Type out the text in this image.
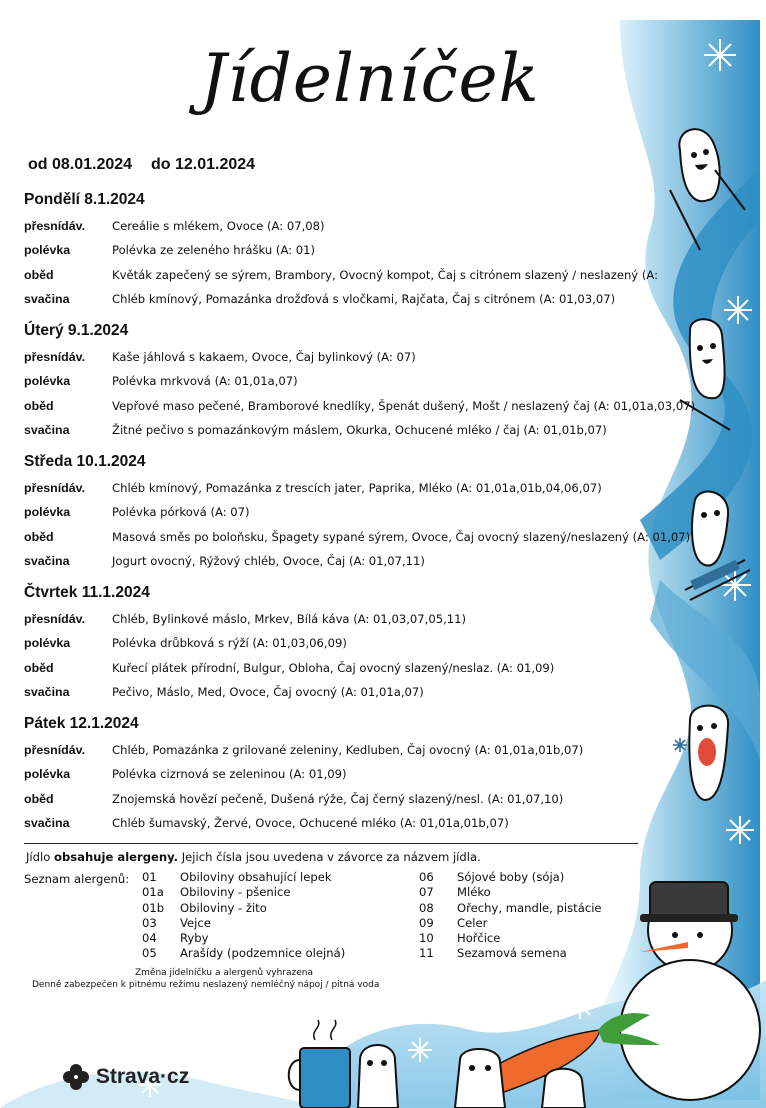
Jídelníček
od 08.01.2024 do 12.01.2024
Pondělí 8.1.2024
přesnídáv. Cereálie s mlékem, Ovoce (A: 07,08)
polévka	Polévka ze zeleného hrášku (A: 01)
oběd	Květák zapečený se sýrem, Brambory, Ovocný kompot, Čaj s citrónem slazený / neslazený (A:
svačina	Chléb kmínový, Pomazánka drožďová s vločkami, Rajčata, Čaj s citrónem (A: 01,03,07)
Úterý 9.1.2024
přesnídáv. Kaše jáhlová s kakaem, Ovoce, Čaj bylinkový (A: 07)
polévka	Polévka mrkvová (A: 01,01a,07)
oběd	Vepřové maso pečené, Bramborové knedlíky, Špenát dušený, Mošt / neslazený čaj (A: 01,01a,03,07)
svačina	Žitné pečivo s pomazánkovým máslem, Okurka, Ochucené mléko / čaj (A: 01,01b,07)
Středa 10.1.2024
přesnídáv. Chléb kmínový, Pomazánka z trescích jater, Paprika, Mléko (A: 01,01a,01b,04,06,07)
polévka	Polévka pórková (A: 07)
oběd	Masová směs po boloňsku, Špagety sypané sýrem, Ovoce, Čaj ovocný slazený/neslazený (A: 01,07)
svačina	Jogurt ovocný, Rýžový chléb, Ovoce, Čaj (A: 01,07,11)
Čtvrtek 11.1.2024
přesnídáv. Chléb, Bylinkové máslo, Mrkev, Bílá káva (A: 01,03,07,05,11)
polévka	Polévka drůbková s rýží (A: 01,03,06,09)
oběd	Kuřecí plátek přírodní, Bulgur, Obloha, Čaj ovocný slazený/neslaz. (A: 01,09)
svačina	Pečivo, Máslo, Med, Ovoce, Čaj ovocný (A: 01,01a,07)
Pátek 12.1.2024
přesnídáv. Chléb, Pomazánka z grilované zeleniny, Kedluben, Čaj ovocný (A: 01,01a,01b,07)
polévka	Polévka cizrnová se zeleninou (A: 01,09)
oběd	Znojemská hovězí pečeně, Dušená rýže, Čaj černý slazený/nesl. (A: 01,07,10)
svačina	Chléb šumavský, Žervé, Ovoce, Ochucené mléko (A: 01,01a,01b,07)
Jídlo obsahuje alergeny. Jejich čísla jsou uvedena v závorce za názvem jídla.
Seznam alergenů: 01 Obiloviny obsahující lepek
01a Obiloviny - pšenice
01b Obiloviny - žito
03 Vejce
04 Ryby
05 Arašídy (podzemnice olejná)
06 Sójové boby (sója)
07 Mléko
08 Ořechy, mandle, pistácie
09 Celer
10 Hořčice
11 Sezamová semena
Změna jídelníčku a alergenů vyhrazena
Denně zabezpečen k pitnému režimu neslazený nemléčný nápoj / pitná voda
Strava·cz
